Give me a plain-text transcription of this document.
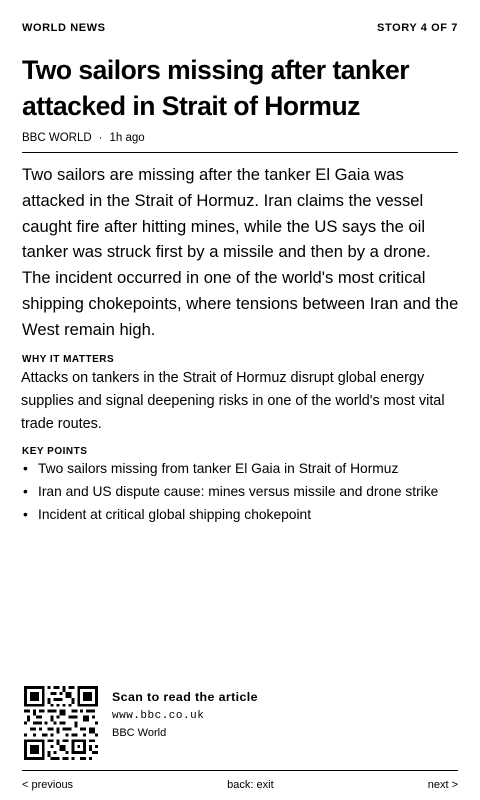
WORLD NEWS	STORY 4 OF 7
Two sailors missing after tanker attacked in Strait of Hormuz
BBC WORLD · 1h ago

Two sailors are missing after the tanker El Gaia was attacked in the Strait of Hormuz. Iran claims the vessel caught fire after hitting mines, while the US says the oil tanker was struck first by a missile and then by a drone. The incident occurred in one of the world's most critical shipping chokepoints, where tensions between Iran and the West remain high.

WHY IT MATTERS

Attacks on tankers in the Strait of Hormuz disrupt global energy supplies and signal deepening risks in one of the world's most vital trade routes.

KEY POINTS
• Two sailors missing from tanker El Gaia in Strait of Hormuz
• Iran and US dispute cause: mines versus missile and drone strike
• Incident at critical global shipping chokepoint
Scan to read the article
www.bbc.co.uk
BBC World
< previous	back: exit	next >
